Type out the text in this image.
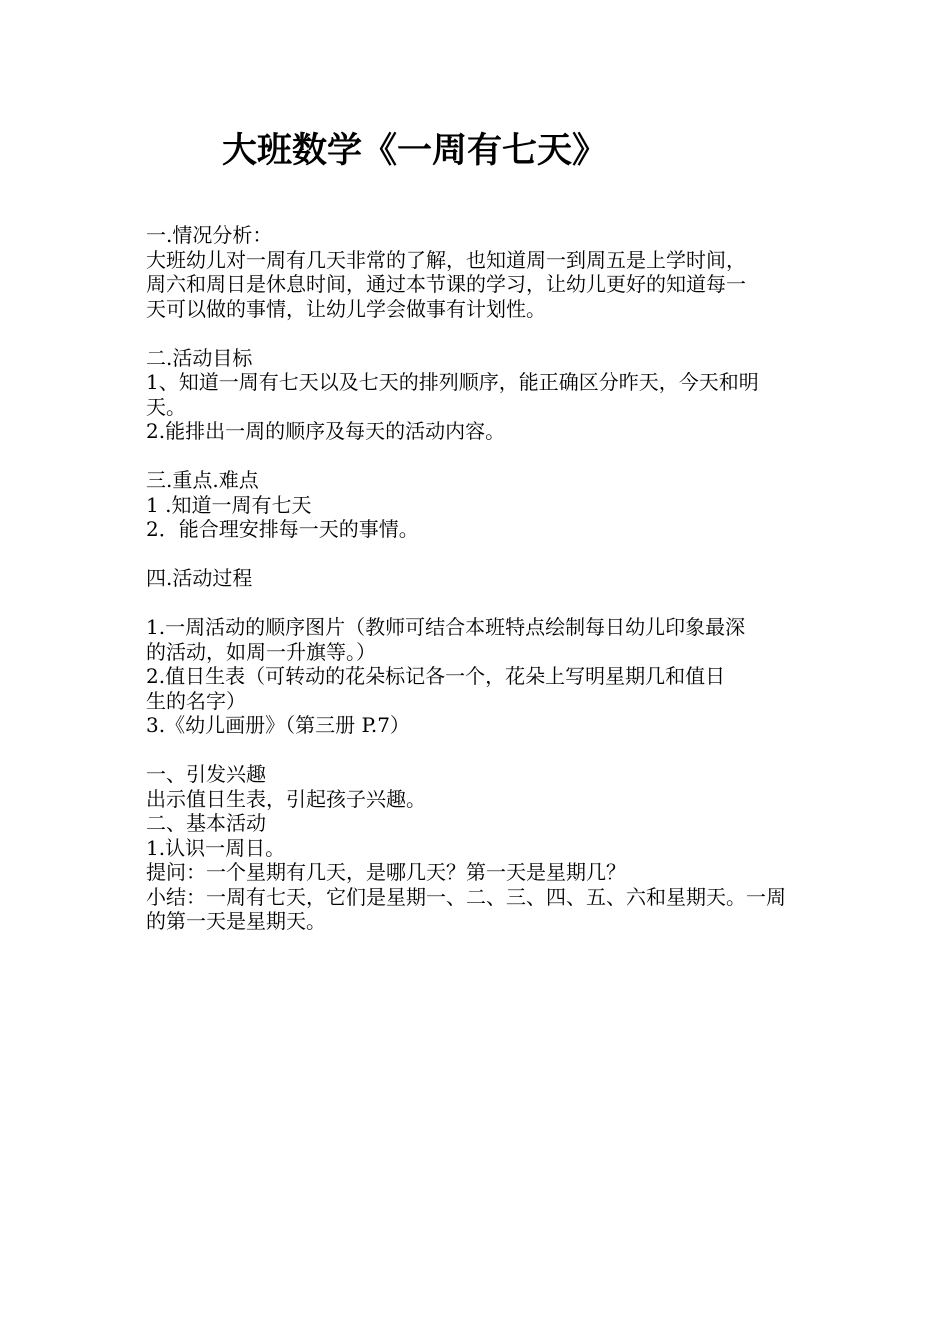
大班数学《一周有七天》
一.情况分析：
大班幼儿对一周有几天非常的了解，也知道周一到周五是上学时间，
周六和周日是休息时间，通过本节课的学习，让幼儿更好的知道每一
天可以做的事情，让幼儿学会做事有计划性。
二.活动目标
1、知道一周有七天以及七天的排列顺序，能正确区分昨天，今天和明
天。
2.能排出一周的顺序及每天的活动内容。
三.重点.难点
1 .知道一周有七天
2．能合理安排每一天的事情。
四.活动过程
1.一周活动的顺序图片（教师可结合本班特点绘制每日幼儿印象最深
的活动，如周一升旗等。）
2.值日生表（可转动的花朵标记各一个，花朵上写明星期几和值日
生的名字）
3.《幼儿画册》（第三册 P.7）
一、引发兴趣
出示值日生表，引起孩子兴趣。
二、基本活动
1.认识一周日。
提问：一个星期有几天，是哪几天？第一天是星期几？
小结：一周有七天，它们是星期一、二、三、四、五、六和星期天。一周
的第一天是星期天。
